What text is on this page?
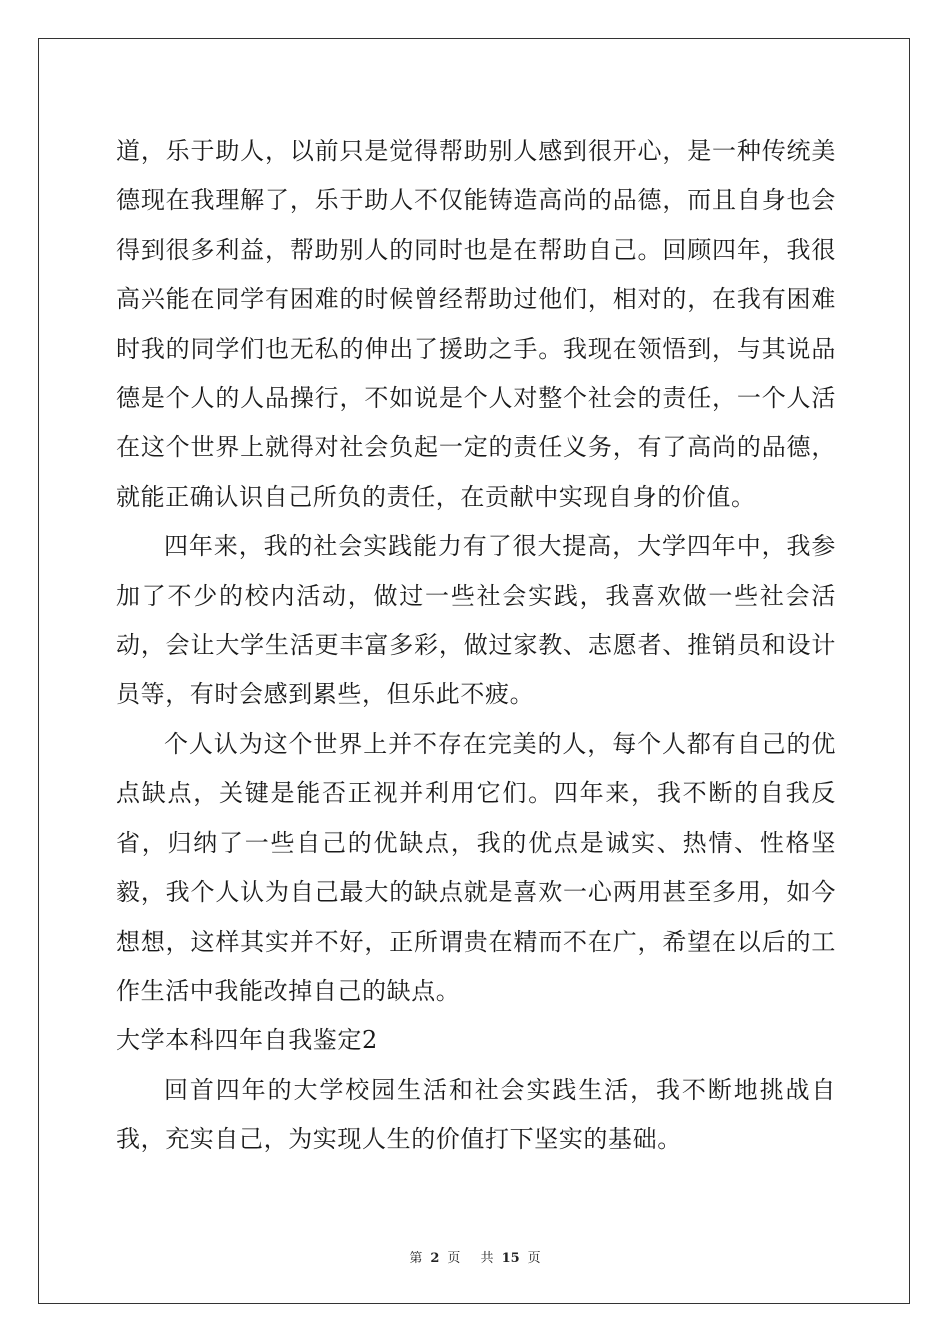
道，乐于助人，以前只是觉得帮助别人感到很开心，是一种传统美德现在我理解了，乐于助人不仅能铸造高尚的品德，而且自身也会得到很多利益，帮助别人的同时也是在帮助自己。回顾四年，我很高兴能在同学有困难的时候曾经帮助过他们，相对的，在我有困难时我的同学们也无私的伸出了援助之手。我现在领悟到，与其说品德是个人的人品操行，不如说是个人对整个社会的责任，一个人活在这个世界上就得对社会负起一定的责任义务，有了高尚的品德，就能正确认识自己所负的责任，在贡献中实现自身的价值。

四年来，我的社会实践能力有了很大提高，大学四年中，我参加了不少的校内活动，做过一些社会实践，我喜欢做一些社会活动，会让大学生活更丰富多彩，做过家教、志愿者、推销员和设计员等，有时会感到累些，但乐此不疲。

个人认为这个世界上并不存在完美的人，每个人都有自己的优点缺点，关键是能否正视并利用它们。四年来，我不断的自我反省，归纳了一些自己的优缺点，我的优点是诚实、热情、性格坚毅，我个人认为自己最大的缺点就是喜欢一心两用甚至多用，如今想想，这样其实并不好，正所谓贵在精而不在广，希望在以后的工作生活中我能改掉自己的缺点。

大学本科四年自我鉴定2

回首四年的大学校园生活和社会实践生活，我不断地挑战自我，充实自己，为实现人生的价值打下坚实的基础。

第 2 页 共 15 页
